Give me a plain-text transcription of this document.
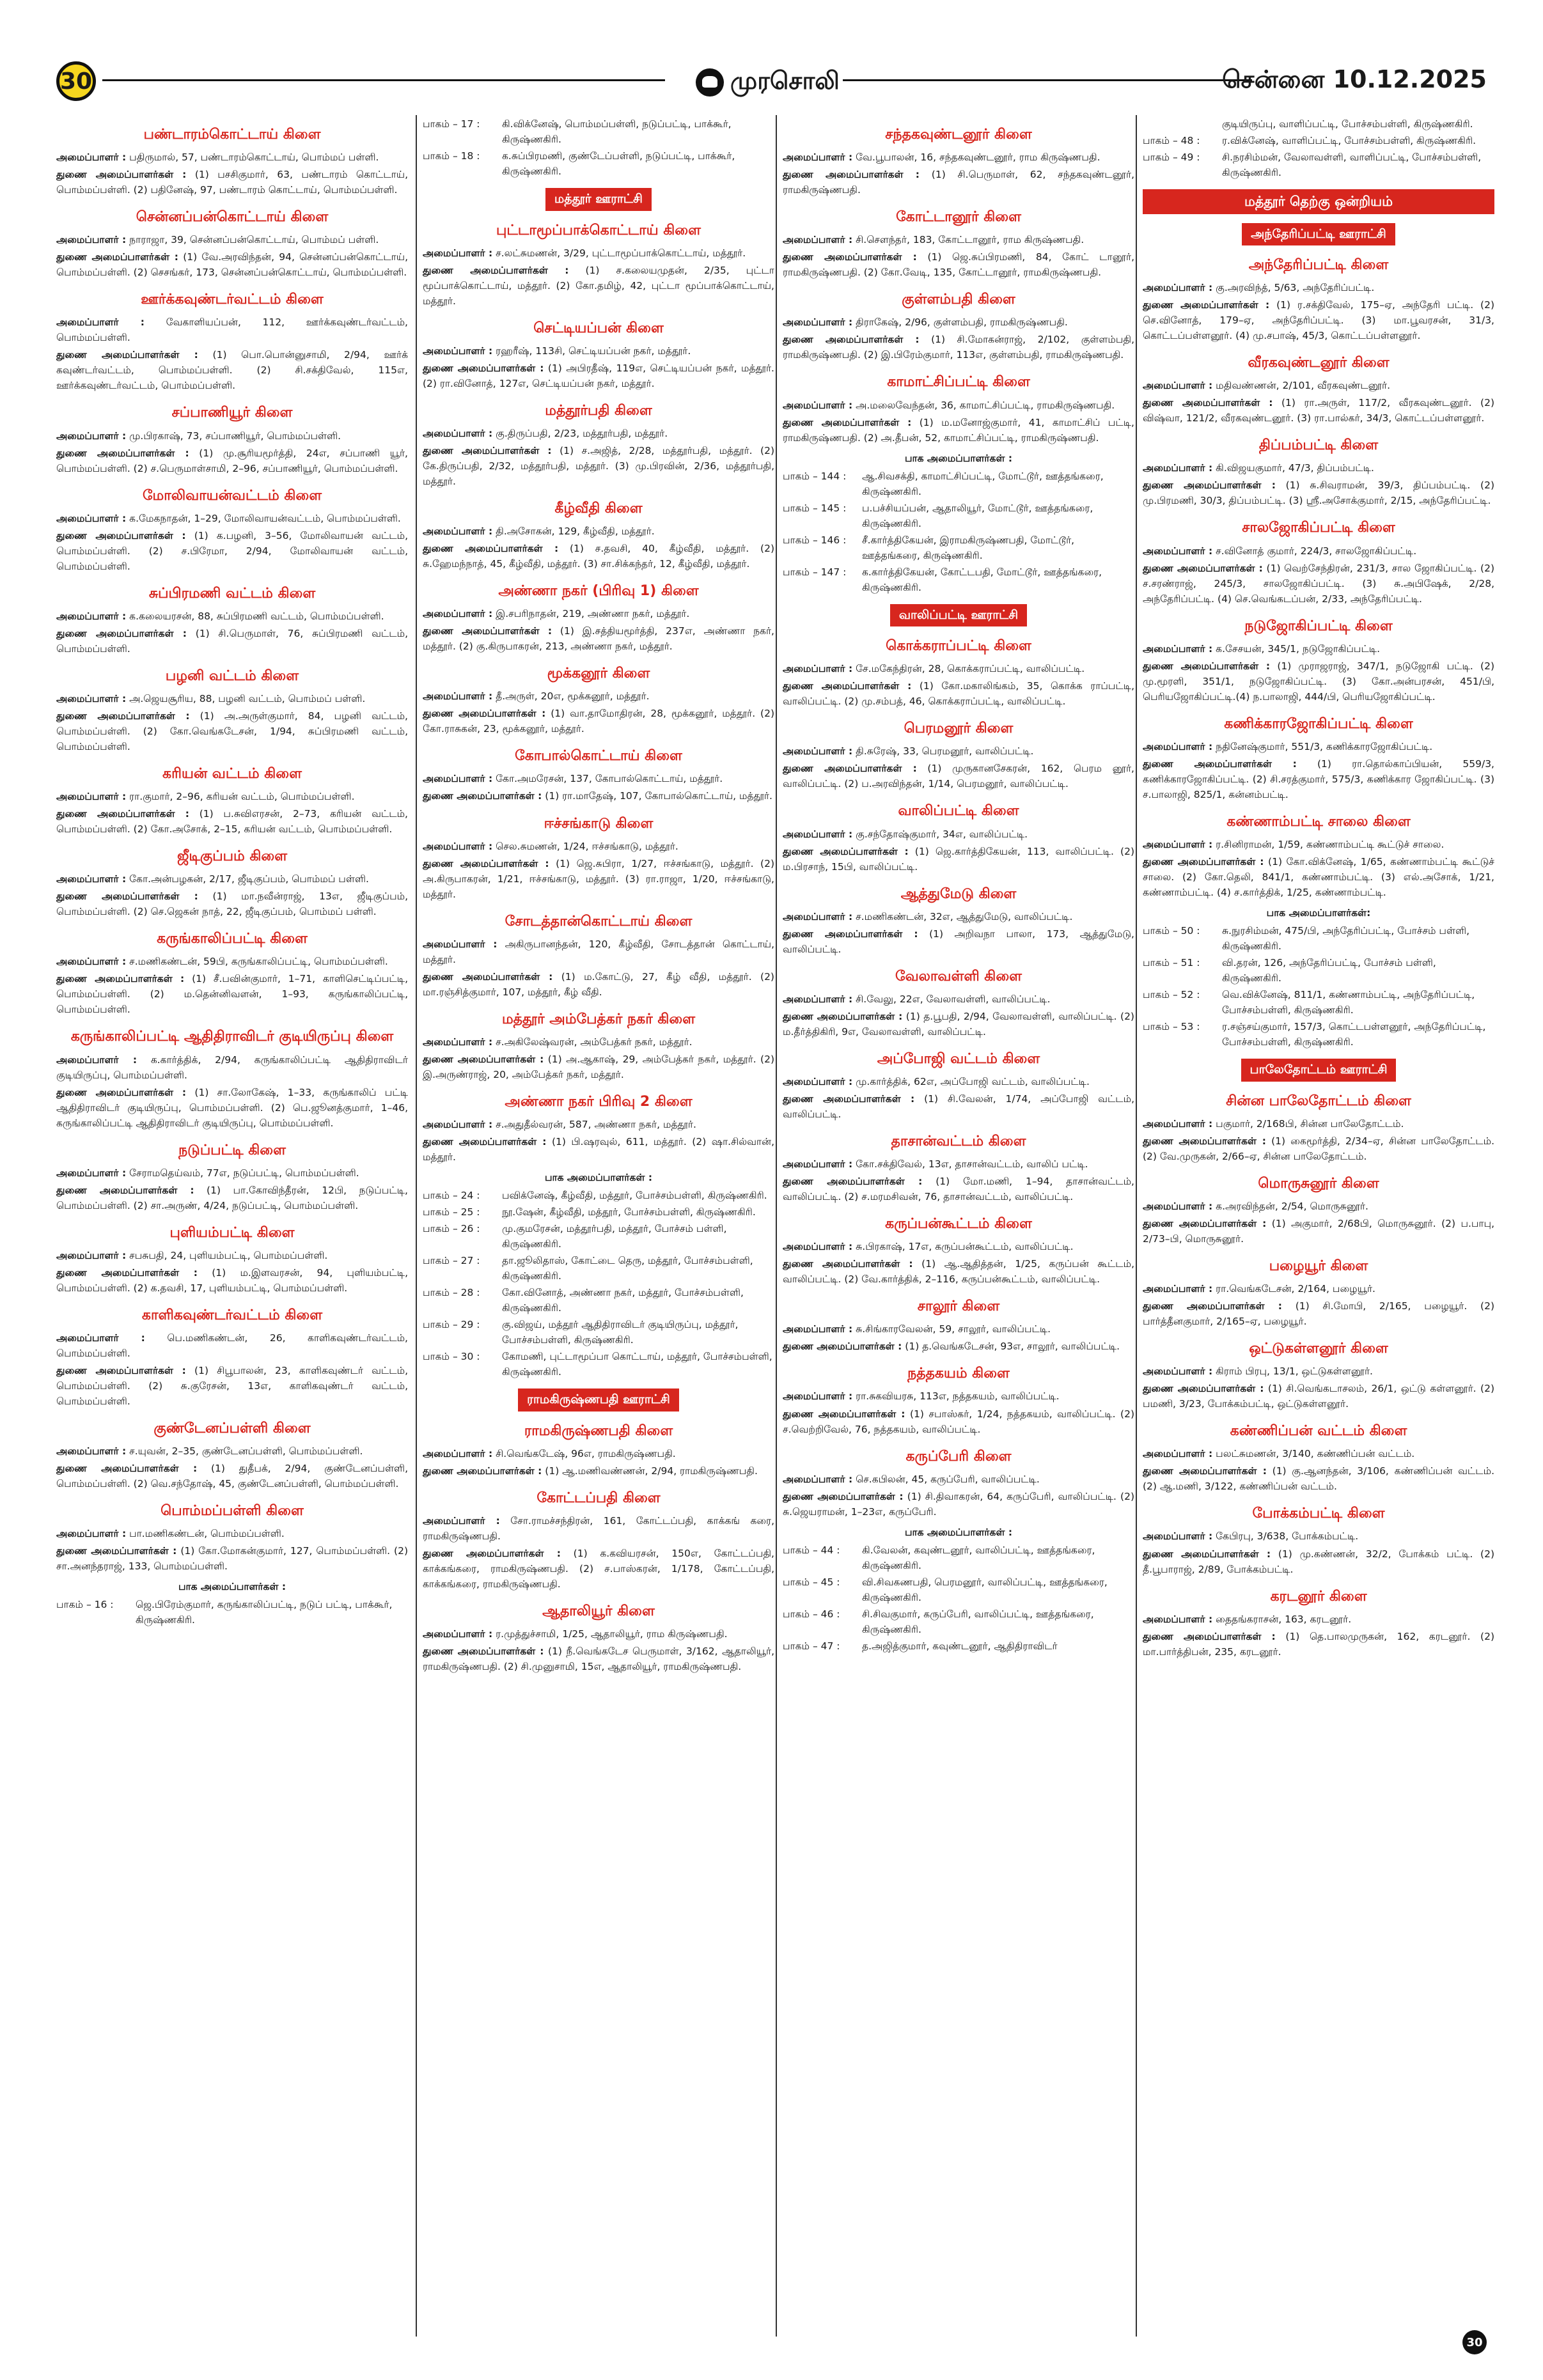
30	முரசொலி	சென்னை 10.12.2025
பண்டாரம்கொட்டாய் கிளை
அமைப்பாளர் : பதிருமால், 57, பண்டாரம்கொட்டாய், பொம்மப் பள்ளி.
துணை அமைப்பாளர்கள் : (1) பசசிகுமார், 63, பண்டாரம் கொட்டாய், பொம்மப்பள்ளி. (2) பதினேஷ், 97, பண்டாரம் கொட்டாய், பொம்மப்பள்ளி.
சென்னப்பன்கொட்டாய் கிளை
அமைப்பாளர் : நாராஜா, 39, சென்னப்பன்கொட்டாய், பொம்மப் பள்ளி.
துணை அமைப்பாளர்கள் : (1) வே.அரவிந்தன், 94, சென்னப்பன்கொட்டாய், பொம்மப்பள்ளி. (2) செசங்கர், 173, சென்னப்பன்கொட்டாய், பொம்மப்பள்ளி.
ஊர்க்கவுண்டர்வட்டம் கிளை
அமைப்பாளர் : வேகாளியப்பன், 112, ஊர்க்கவுண்டர்வட்டம், பொம்மப்பள்ளி.
துணை அமைப்பாளர்கள் : (1) பொ.பொன்னுசாமி, 2/94, ஊர்க் கவுண்டர்வட்டம், பொம்மப்பள்ளி. (2) சி.சக்திவேல், 115எ, ஊர்க்கவுண்டர்வட்டம், பொம்மப்பள்ளி.
சப்பாணியூர் கிளை
அமைப்பாளர் : மு.பிரகாஷ், 73, சப்பாணியூர், பொம்மப்பள்ளி.
துணை அமைப்பாளர்கள் : (1) மு.சூரியமூர்த்தி, 24எ, சப்பாணி யூர், பொம்மப்பள்ளி. (2) ச.பெருமாள்சாமி, 2–96, சப்பாணியூர், பொம்மப்பள்ளி.
மோலிவாயன்வட்டம் கிளை
அமைப்பாளர் : க.மேகநாதன், 1–29, மோலிவாயன்வட்டம், பொம்மப்பள்ளி.
துணை அமைப்பாளர்கள் : (1) க.பழனி, 3–56, மோலிவாயன் வட்டம், பொம்மப்பள்ளி. (2) ச.பிரேமா, 2/94, மோலிவாயன் வட்டம், பொம்மப்பள்ளி.
சுப்பிரமணி வட்டம் கிளை
அமைப்பாளர் : க.கலையரசன், 88, சுப்பிரமணி வட்டம், பொம்மப்பள்ளி.
துணை அமைப்பாளர்கள் : (1) சி.பெருமாள், 76, சுப்பிரமணி வட்டம், பொம்மப்பள்ளி.
பழனி வட்டம் கிளை
அமைப்பாளர் : அ.ஜெயசூரிய, 88, பழனி வட்டம், பொம்மப் பள்ளி.
துணை அமைப்பாளர்கள் : (1) அ.அருள்குமார், 84, பழனி வட்டம், பொம்மப்பள்ளி. (2) கோ.வெங்கடேசன், 1/94, சுப்பிரமணி வட்டம், பொம்மப்பள்ளி.
கரியன் வட்டம் கிளை
அமைப்பாளர் : ரா.குமார், 2–96, கரியன் வட்டம், பொம்மப்பள்ளி.
துணை அமைப்பாளர்கள் : (1) ப.சுவிஎரசன், 2–73, கரியன் வட்டம், பொம்மப்பள்ளி. (2) கோ.அசோக், 2–15, கரியன் வட்டம், பொம்மப்பள்ளி.
ஜீடிகுப்பம் கிளை
அமைப்பாளர் : கோ.அன்பழகன், 2/17, ஜீடிகுப்பம், பொம்மப் பள்ளி.
துணை அமைப்பாளர்கள் : (1) மா.நவீன்ராஜ், 13எ, ஜீடிகுப்பம், பொம்மப்பள்ளி. (2) செ.ஜெகன் நாத், 22, ஜீடிகுப்பம், பொம்மப் பள்ளி.
கருங்காலிப்பட்டி கிளை
அமைப்பாளர் : ச.மணிகண்டன், 59பி, கருங்காலிப்பட்டி, பொம்மப்பள்ளி.
துணை அமைப்பாளர்கள் : (1) சீ.பவின்குமார், 1–71, காளிசெட்டிப்பட்டி, பொம்மப்பள்ளி. (2) ம.தென்னிவளன், 1–93, கருங்காலிப்பட்டி, பொம்மப்பள்ளி.
கருங்காலிப்பட்டி ஆதிதிராவிடர் குடியிருப்பு கிளை
அமைப்பாளர் : க.கார்த்திக், 2/94, கருங்காலிப்பட்டி ஆதிதிராவிடர் குடியிருப்பு, பொம்மப்பள்ளி.
துணை அமைப்பாளர்கள் : (1) சா.லோகேஷ், 1–33, கருங்காலிப் பட்டி ஆதிதிராவிடர் குடியிருப்பு, பொம்மப்பள்ளி. (2) பெ.ஜூனத்குமார், 1–46, கருங்காலிப்பட்டி ஆதிதிராவிடர் குடியிருப்பு, பொம்மப்பள்ளி.
நடுப்பட்டி கிளை
அமைப்பாளர் : சேராமதெய்வம், 77எ, நடுப்பட்டி, பொம்மப்பள்ளி.
துணை அமைப்பாளர்கள் : (1) பா.கோவிந்தீரன், 12பி, நடுப்பட்டி, பொம்மப்பள்ளி. (2) சா.அருண், 4/24, நடுப்பட்டி, பொம்மப்பள்ளி.
புளியம்பட்டி கிளை
அமைப்பாளர் : சபசுபதி, 24, புளியம்பட்டி, பொம்மப்பள்ளி.
துணை அமைப்பாளர்கள் : (1) ம.இளவரசன், 94, புளியம்பட்டி, பொம்மப்பள்ளி. (2) க.தவசி, 17, புளியம்பட்டி, பொம்மப்பள்ளி.
காளிகவுண்டர்வட்டம் கிளை
அமைப்பாளர் : பெ.மணிகண்டன், 26, காளிகவுண்டர்வட்டம், பொம்மப்பள்ளி.
துணை அமைப்பாளர்கள் : (1) சிபூபாலன், 23, காளிகவுண்டர் வட்டம், பொம்மப்பள்ளி. (2) சு.குரேசன், 13எ, காளிகவுண்டர் வட்டம், பொம்மப்பள்ளி.
குண்டேனப்பள்ளி கிளை
அமைப்பாளர் : ச.யுவன், 2–35, குண்டேனப்பள்ளி, பொம்மப்பள்ளி.
துணை அமைப்பாளர்கள் : (1) துதீபக், 2/94, குண்டேனப்பள்ளி, பொம்மப்பள்ளி. (2) வெ.சந்தோஷ், 45, குண்டேனப்பள்ளி, பொம்மப்பள்ளி.
பொம்மப்பள்ளி கிளை
அமைப்பாளர் : பா.மணிகண்டன், பொம்மப்பள்ளி.
துணை அமைப்பாளர்கள் : (1) கோ.மோகன்குமார், 127, பொம்மப்பள்ளி. (2) சா.அனந்தராஜ், 133, பொம்மப்பள்ளி.
பாக அமைப்பாளர்கள் :
பாகம் – 16 :	ஜெ.பிரேம்குமார், கருங்காலிப்பட்டி, நடுப் பட்டி, பாக்கூர், கிருஷ்ணகிரி.
பாகம் – 17 :	கி.விக்னேஷ், பொம்மப்பள்ளி, நடுப்பட்டி, பாக்கூர், கிருஷ்ணகிரி.
பாகம் – 18 :	க.சுப்பிரமணி, குண்டேப்பள்ளி, நடுப்பட்டி, பாக்கூர், கிருஷ்ணகிரி.
மத்தூர் ஊராட்சி
புட்டாமூப்பாக்கொட்டாய் கிளை
அமைப்பாளர் : ச.லட்சுமணன், 3/29, புட்டாமூப்பாக்கொட்டாய், மத்தூர்.
துணை அமைப்பாளர்கள் : (1) ச.கலையமுதன், 2/35, புட்டா மூப்பாக்கொட்டாய், மத்தூர். (2) கோ.தமிழ், 42, புட்டா மூப்பாக்கொட்டாய், மத்தூர்.
செட்டியப்பன் கிளை
அமைப்பாளர் : ரஹரீஷ், 113சி, செட்டியப்பன் நகர், மத்தூர்.
துணை அமைப்பாளர்கள் : (1) அபிரதீஷ், 119எ, செட்டியப்பன் நகர், மத்தூர். (2) ரா.வினோத், 127எ, செட்டியப்பன் நகர், மத்தூர்.
மத்தூர்பதி கிளை
அமைப்பாளர் : கு.திருப்பதி, 2/23, மத்தூர்பதி, மத்தூர்.
துணை அமைப்பாளர்கள் : (1) ச.அஜித், 2/28, மத்தூர்பதி, மத்தூர். (2) கே.திருப்பதி, 2/32, மத்தூர்பதி, மத்தூர். (3) மு.பிரவின், 2/36, மத்தூர்பதி, மத்தூர்.
கீழ்வீதி கிளை
அமைப்பாளர் : தி.அசோகன், 129, கீழ்வீதி, மத்தூர்.
துணை அமைப்பாளர்கள் : (1) ச.தவசி, 40, கீழ்வீதி, மத்தூர். (2) சு.ஹேமந்நாத், 45, கீழ்வீதி, மத்தூர். (3) சா.சிக்கந்தர், 12, கீழ்வீதி, மத்தூர்.
அண்ணா நகர் (பிரிவு 1) கிளை
அமைப்பாளர் : இ.சபரிநாதன், 219, அண்ணா நகர், மத்தூர்.
துணை அமைப்பாளர்கள் : (1) இ.சத்தியமூர்த்தி, 237எ, அண்ணா நகர், மத்தூர். (2) கு.கிருபாகரன், 213, அண்ணா நகர், மத்தூர்.
மூக்கனூர் கிளை
அமைப்பாளர் : தீ.அருள், 20எ, மூக்கனூர், மத்தூர்.
துணை அமைப்பாளர்கள் : (1) வா.தாமோதிரன், 28, மூக்கனூர், மத்தூர். (2) கோ.ராசுகன், 23, மூக்கனூர், மத்தூர்.
கோபால்கொட்டாய் கிளை
அமைப்பாளர் : கோ.அமரேசன், 137, கோபால்கொட்டாய், மத்தூர்.
துணை அமைப்பாளர்கள் : (1) ரா.மாதேஷ், 107, கோபால்கொட்டாய், மத்தூர்.
ஈச்சங்காடு கிளை
அமைப்பாளர் : செல.சுமணன், 1/24, ஈச்சங்காடு, மத்தூர்.
துணை அமைப்பாளர்கள் : (1) ஜெ.சுபிரா, 1/27, ஈச்சங்காடு, மத்தூர். (2) அ.கிருபாகரன், 1/21, ஈச்சங்காடு, மத்தூர். (3) ரா.ராஜா, 1/20, ஈச்சங்காடு, மத்தூர்.
சோடத்தான்கொட்டாய் கிளை
அமைப்பாளர் : அகிருபானந்தன், 120, கீழ்வீதி, சோடத்தான் கொட்டாய், மத்தூர்.
துணை அமைப்பாளர்கள் : (1) ம.கோட்டு, 27, கீழ் வீதி, மத்தூர். (2) மா.ரஞ்சித்குமார், 107, மத்தூர், கீழ் வீதி.
மத்தூர் அம்பேத்கர் நகர் கிளை
அமைப்பாளர் : ச.அகிலேஷ்வரன், அம்பேத்கர் நகர், மத்தூர்.
துணை அமைப்பாளர்கள் : (1) அ.ஆகாஷ், 29, அம்பேத்கர் நகர், மத்தூர். (2) இ.அருண்ராஜ், 20, அம்பேத்கர் நகர், மத்தூர்.
அண்ணா நகர் பிரிவு 2 கிளை
அமைப்பாளர் : ச.அதுதீல்வரன், 587, அண்ணா நகர், மத்தூர்.
துணை அமைப்பாளர்கள் : (1) பி.ஷரவுல், 611, மத்தூர். (2) ஷா.சில்வான், மத்தூர்.
பாக அமைப்பாளர்கள் :
பாகம் – 24 :	பவிக்னேஷ், கீழ்வீதி, மத்தூர், போச்சம்பள்ளி, கிருஷ்ணகிரி.
பாகம் – 25 :	நூ.ஷேன், கீழ்வீதி, மத்தூர், போச்சம்பள்ளி, கிருஷ்ணகிரி.
பாகம் – 26 :	மு.குமரேசன், மத்தூர்பதி, மத்தூர், போச்சம் பள்ளி, கிருஷ்ணகிரி.
பாகம் – 27 :	தா.ஜூலிதாஸ், கோட்டை தெரு, மத்தூர், போச்சம்பள்ளி, கிருஷ்ணகிரி.
பாகம் – 28 :	கோ.வினோத், அண்ணா நகர், மத்தூர், போச்சம்பள்ளி, கிருஷ்ணகிரி.
பாகம் – 29 :	கு.விஜய், மத்தூர் ஆதிதிராவிடர் குடியிருப்பு, மத்தூர், போச்சம்பள்ளி, கிருஷ்ணகிரி.
பாகம் – 30 :	கோமணி, புட்டாமூப்பா கொட்டாய், மத்தூர், போச்சம்பள்ளி, கிருஷ்ணகிரி.
ராமகிருஷ்ணபதி ஊராட்சி
ராமகிருஷ்ணபதி கிளை
அமைப்பாளர் : சி.வெங்கடேஷ், 96எ, ராமகிருஷ்ணபதி.
துணை அமைப்பாளர்கள் : (1) ஆ.மணிவண்ணன், 2/94, ராமகிருஷ்ணபதி.
கோட்டப்பதி கிளை
அமைப்பாளர் : சோ.ராமச்சந்திரன், 161, கோட்டப்பதி, காக்கங் கரை, ராமகிருஷ்ணபதி.
துணை அமைப்பாளர்கள் : (1) க.கவியரசன், 150எ, கோட்டப்பதி, காக்கங்கரை, ராமகிருஷ்ணபதி. (2) ச.பாஸ்கரன், 1/178, கோட்டப்பதி, காக்கங்கரை, ராமகிருஷ்ணபதி.
ஆதாலியூர் கிளை
அமைப்பாளர் : ர.முத்துச்சாமி, 1/25, ஆதாலியூர், ராம கிருஷ்ணபதி.
துணை அமைப்பாளர்கள் : (1) நீ.வெங்கடேச பெருமாள், 3/162, ஆதாலியூர், ராமகிருஷ்ணபதி. (2) சி.முனுசாமி, 15எ, ஆதாலியூர், ராமகிருஷ்ணபதி.
சந்தகவுண்டனூர் கிளை
அமைப்பாளர் : வே.பூபாலன், 16, சந்தகவுண்டனூர், ராம கிருஷ்ணபதி.
துணை அமைப்பாளர்கள் : (1) சி.பெருமாள், 62, சந்தகவுண்டனூர், ராமகிருஷ்ணபதி.
கோட்டானூர் கிளை
அமைப்பாளர் : சி.சௌந்தர், 183, கோட்டானூர், ராம கிருஷ்ணபதி.
துணை அமைப்பாளர்கள் : (1) ஜெ.சுப்பிரமணி, 84, கோட் டானூர், ராமகிருஷ்ணபதி. (2) கோ.வேடி, 135, கோட்டானூர், ராமகிருஷ்ணபதி.
குள்ளம்பதி கிளை
அமைப்பாளர் : திராகேஷ், 2/96, குள்ளம்பதி, ராமகிருஷ்ணபதி.
துணை அமைப்பாளர்கள் : (1) சி.மோகன்ராஜ், 2/102, குள்ளம்பதி, ராமகிருஷ்ணபதி. (2) இ.பிரேம்குமார், 113எ, குள்ளம்பதி, ராமகிருஷ்ணபதி.
காமாட்சிப்பட்டி கிளை
அமைப்பாளர் : அ.மலைவேந்தன், 36, காமாட்சிப்பட்டி, ராமகிருஷ்ணபதி.
துணை அமைப்பாளர்கள் : (1) ம.மனோஜ்குமார், 41, காமாட்சிப் பட்டி, ராமகிருஷ்ணபதி. (2) அ.தீபன், 52, காமாட்சிப்பட்டி, ராமகிருஷ்ணபதி.
பாக அமைப்பாளர்கள் :
பாகம் – 144 :	ஆ.சிவசக்தி, காமாட்சிப்பட்டி, மோட்டூர், ஊத்தங்கரை, கிருஷ்ணகிரி.
பாகம் – 145 :	ப.பச்சியப்பன், ஆதாலியூர், மோட்டூர், ஊத்தங்கரை, கிருஷ்ணகிரி.
பாகம் – 146 :	சீ.கார்த்திகேயன், இராமகிருஷ்ணபதி, மோட்டூர், ஊத்தங்கரை, கிருஷ்ணகிரி.
பாகம் – 147 :	க.கார்த்திகேயன், கோட்டபதி, மோட்டூர், ஊத்தங்கரை, கிருஷ்ணகிரி.
வாலிப்பட்டி ஊராட்சி
கொக்கராப்பட்டி கிளை
அமைப்பாளர் : சே.மகேந்திரன், 28, கொக்கராப்பட்டி, வாலிப்பட்டி.
துணை அமைப்பாளர்கள் : (1) கோ.மகாலிங்கம், 35, கொக்க ராப்பட்டி, வாலிப்பட்டி. (2) மு.சம்பத், 46, கொக்கராப்பட்டி, வாலிப்பட்டி.
பெரமனூர் கிளை
அமைப்பாளர் : தி.சுரேஷ், 33, பெரமனூர், வாலிப்பட்டி.
துணை அமைப்பாளர்கள் : (1) முருகானசேகரன், 162, பெரம னூர், வாலிப்பட்டி. (2) ப.அரவிந்தன், 1/14, பெரமனூர், வாலிப்பட்டி.
வாலிப்பட்டி கிளை
அமைப்பாளர் : கு.சந்தோஷ்குமார், 34எ, வாலிப்பட்டி.
துணை அமைப்பாளர்கள் : (1) ஜெ.கார்த்திகேயன், 113, வாலிப்பட்டி. (2) ம.பிரசாந், 15பி, வாலிப்பட்டி.
ஆத்துமேடு கிளை
அமைப்பாளர் : ச.மணிகண்டன், 32எ, ஆத்துமேடு, வாலிப்பட்டி.
துணை அமைப்பாளர்கள் : (1) அறிவநா பாலா, 173, ஆத்துமேடு, வாலிப்பட்டி.
வேலாவள்ளி கிளை
அமைப்பாளர் : சி.வேலு, 22எ, வேலாவள்ளி, வாலிப்பட்டி.
துணை அமைப்பாளர்கள் : (1) த.பூபதி, 2/94, வேலாவள்ளி, வாலிப்பட்டி. (2) ம.தீர்த்திகிரி, 9எ, வேலாவள்ளி, வாலிப்பட்டி.
அப்போஜி வட்டம் கிளை
அமைப்பாளர் : மு.கார்த்திக், 62எ, அப்போஜி வட்டம், வாலிப்பட்டி.
துணை அமைப்பாளர்கள் : (1) சி.வேலன், 1/74, அப்போஜி வட்டம், வாலிப்பட்டி.
தாசான்வட்டம் கிளை
அமைப்பாளர் : கோ.சக்திவேல், 13எ, தாசான்வட்டம், வாலிப் பட்டி.
துணை அமைப்பாளர்கள் : (1) மோ.மணி, 1–94, தாசான்வட்டம், வாலிப்பட்டி. (2) ச.மரமசிவன், 76, தாசான்வட்டம், வாலிப்பட்டி.
கருப்பன்கூட்டம் கிளை
அமைப்பாளர் : சு.பிரகாஷ், 17எ, கருப்பன்கூட்டம், வாலிப்பட்டி.
துணை அமைப்பாளர்கள் : (1) ஆ.ஆதித்தன், 1/25, கருப்பன் கூட்டம், வாலிப்பட்டி. (2) வே.கார்த்திக், 2–116, கருப்பன்கூட்டம், வாலிப்பட்டி.
சாலூர் கிளை
அமைப்பாளர் : சு.சிங்காரவேலன், 59, சாலூர், வாலிப்பட்டி.
துணை அமைப்பாளர்கள் : (1) த.வெங்கடேசன், 93எ, சாலூர், வாலிப்பட்டி.
நத்தகயம் கிளை
அமைப்பாளர் : ரா.சுகவியரசு, 113எ, நத்தகயம், வாலிப்பட்டி.
துணை அமைப்பாளர்கள் : (1) சபாஸ்கர், 1/24, நத்தகயம், வாலிப்பட்டி. (2) ச.வெற்றிவேல், 76, நத்தகயம், வாலிப்பட்டி.
கருப்பேரி கிளை
அமைப்பாளர் : செ.கபிலன், 45, கருப்பேரி, வாலிப்பட்டி.
துணை அமைப்பாளர்கள் : (1) சி.திவாகரன், 64, கருப்பேரி, வாலிப்பட்டி. (2) சு.ஜெயராமன், 1–23எ, கருப்பேரி.
பாக அமைப்பாளர்கள் :
பாகம் – 44 :	கி.வேலன், கவுண்டனூர், வாலிப்பட்டி, ஊத்தங்கரை, கிருஷ்ணகிரி.
பாகம் – 45 :	வி.சிவகணபதி, பெரமனூர், வாலிப்பட்டி, ஊத்தங்கரை, கிருஷ்ணகிரி.
பாகம் – 46 :	சி.சிவகுமார், கருப்பேரி, வாலிப்பட்டி, ஊத்தங்கரை, கிருஷ்ணகிரி.
பாகம் – 47 :	த.அஜித்குமார், கவுண்டனூர், ஆதிதிராவிடர்
குடியிருப்பு, வாளிப்பட்டி, போச்சம்பள்ளி, கிருஷ்ணகிரி.
பாகம் – 48 :	ர.விக்னேஷ், வாளிப்பட்டி, போச்சம்பள்ளி, கிருஷ்ணகிரி.
பாகம் – 49 :	சி.நரசிம்மன், வேலாவள்ளி, வாளிப்பட்டி, போச்சம்பள்ளி, கிருஷ்ணகிரி.
மத்தூர் தெற்கு ஒன்றியம்
அந்தேரிப்பட்டி ஊராட்சி
அந்தேரிப்பட்டி கிளை
அமைப்பாளர் : கு.அரவிந்த், 5/63, அந்தேரிப்பட்டி.
துணை அமைப்பாளர்கள் : (1) ர.சக்திவேல், 175–ஏ, அந்தேரி பட்டி. (2) செ.வினோத், 179–ஏ, அந்தேரிப்பட்டி. (3) மா.பூவரசன், 31/3, கொட்டப்பள்ளனூர். (4) மு.சபாஷ், 45/3, கொட்டப்பள்ளனூர்.
வீரகவுண்டனூர் கிளை
அமைப்பாளர் : மதிவண்ணன், 2/101, வீரகவுண்டனூர்.
துணை அமைப்பாளர்கள் : (1) ரா.அருள், 117/2, வீரகவுண்டனூர். (2) விஷ்வா, 121/2, வீரகவுண்டனூர். (3) ரா.பால்கர், 34/3, கொட்டப்பள்ளனூர்.
திப்பம்பட்டி கிளை
அமைப்பாளர் : கி.விஜயகுமார், 47/3, திப்பம்பட்டி.
துணை அமைப்பாளர்கள் : (1) சு.சிவராமன், 39/3, திப்பம்பட்டி. (2) மு.பிரமணி, 30/3, திப்பம்பட்டி. (3) ஸ்ரீ.அசோக்குமார், 2/15, அந்தேரிப்பட்டி.
சாலஜோகிப்பட்டி கிளை
அமைப்பாளர் : ச.வினோத் குமார், 224/3, சாலஜோகிப்பட்டி.
துணை அமைப்பாளர்கள் : (1) வெற்சேந்திரன், 231/3, சால ஜோகிப்பட்டி. (2) ச.சரண்ராஜ், 245/3, சாலஜோகிப்பட்டி. (3) சு.அபிஷேக், 2/28, அந்தேரிப்பட்டி. (4) செ.வெங்கடப்பன், 2/33, அந்தேரிப்பட்டி.
நடுஜோகிப்பட்டி கிளை
அமைப்பாளர் : க.சேசயன், 345/1, நடுஜோகிப்பட்டி.
துணை அமைப்பாளர்கள் : (1) முராஜராஜ், 347/1, நடுஜோகி பட்டி. (2) மு.மூரளி, 351/1, நடுஜோகிப்பட்டி. (3) கோ.அன்பரசன், 451/பி, பெரியஜோகிப்பட்டி.(4) ந.பாலாஜி, 444/பி, பெரியஜோகிப்பட்டி.
கணிக்காரஜோகிப்பட்டி கிளை
அமைப்பாளர் : நதினேஷ்குமார், 551/3, கணிக்காரஜோகிப்பட்டி.
துணை அமைப்பாளர்கள் : (1) ரா.தொல்காப்பியன், 559/3, கணிக்காரஜோகிப்பட்டி. (2) சி.சரத்குமார், 575/3, கணிக்கார ஜோகிப்பட்டி. (3) ச.பாலாஜி, 825/1, கன்னம்பட்டி.
கண்ணாம்பட்டி சாலை கிளை
அமைப்பாளர் : ர.சினிராமன், 1/59, கண்ணாம்பட்டி கூட்டுச் சாலை.
துணை அமைப்பாளர்கள் : (1) கோ.விக்னேஷ், 1/65, கண்ணாம்பட்டி கூட்டுச் சாலை. (2) கோ.தெலி, 841/1, கண்ணாம்பட்டி. (3) எல்.அசோக், 1/21, கண்ணாம்பட்டி. (4) ச.கார்த்திக், 1/25, கண்ணாம்பட்டி.
பாக அமைப்பாளர்கள்:
பாகம் – 50 :	சு.நுரசிம்மன், 475/பி, அந்தேரிப்பட்டி, போச்சம் பள்ளி, கிருஷ்ணகிரி.
பாகம் – 51 :	வி.தரன், 126, அந்தேரிப்பட்டி, போச்சம் பள்ளி, கிருஷ்ணகிரி.
பாகம் – 52 :	வெ.விக்னேஷ், 811/1, கண்ணாம்பட்டி, அந்தேரிப்பட்டி, போச்சம்பள்ளி, கிருஷ்ணகிரி.
பாகம் – 53 :	ர.சஞ்சய்குமார், 157/3, கொட்டபள்ளனூர், அந்தேரிப்பட்டி, போச்சம்பள்ளி, கிருஷ்ணகிரி.
பாலேதோட்டம் ஊராட்சி
சின்ன பாலேதோட்டம் கிளை
அமைப்பாளர் : பகுமார், 2/168பி, சின்ன பாலேதோட்டம்.
துணை அமைப்பாளர்கள் : (1) கைமூர்த்தி, 2/34–ஏ, சின்ன பாலேதோட்டம். (2) வே.முருகன், 2/66–ஏ, சின்ன பாலேதோட்டம்.
மொருசுனூர் கிளை
அமைப்பாளர் : க.அரவிந்தன், 2/54, மொருசுனூர்.
துணை அமைப்பாளர்கள் : (1) அகுமார், 2/68பி, மொருசுனூர். (2) ப.பாபு, 2/73–பி, மொருசுனூர்.
பழையூர் கிளை
அமைப்பாளர் : ரா.வெங்கடேசன், 2/164, பழையூர்.
துணை அமைப்பாளர்கள் : (1) சி.மோபி, 2/165, பழையூர். (2) பார்த்தீனகுமார், 2/165–ஏ, பழையூர்.
ஒட்டுகள்ளனூர் கிளை
அமைப்பாளர் : கிராம் பிரபு, 13/1, ஒட்டுகள்ளனூர்.
துணை அமைப்பாளர்கள் : (1) சி.வெங்கடாசலம், 26/1, ஒட்டு கள்ளனூர். (2) பமணி, 3/23, போக்கம்பட்டி, ஒட்டுகள்ளனூர்.
கண்ணிப்பன் வட்டம் கிளை
அமைப்பாளர் : பலட்சுமணன், 3/140, கண்ணிப்பன் வட்டம்.
துணை அமைப்பாளர்கள் : (1) கு.ஆனந்தன், 3/106, கண்ணிப்பன் வட்டம். (2) ஆ.மணி, 3/122, கண்ணிப்பன் வட்டம்.
போக்கம்பட்டி கிளை
அமைப்பாளர் : கேபிரபு, 3/638, போக்கம்பட்டி.
துணை அமைப்பாளர்கள் : (1) மு.கண்ணன், 32/2, போக்கம் பட்டி. (2) தீ.பூபாராஜ், 2/89, போக்கம்பட்டி.
கரடனூர் கிளை
அமைப்பாளர் : தைதங்கராசன், 163, கரடனூர்.
துணை அமைப்பாளர்கள் : (1) தெ.பாலமுருகன், 162, கரடனூர். (2) மா.பார்த்திபன், 235, கரடனூர்.
30
